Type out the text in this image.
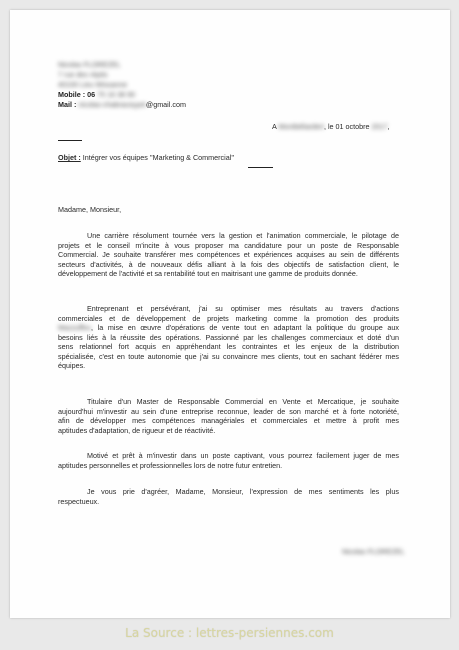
Nicolas FLOREZEL
7 rue des répits
40100 Lieu Wissanne
Mobile : 06 75 16 38 90
Mail : nicolas-chabraceyyet@gmail.com
A Montbéliarderi, le 01 octobre 2017,
Objet : Intégrer vos équipes ''Marketing & Commercial''
Madame, Monsieur,
Une carrière résolument tournée vers la gestion et l'animation commerciale, le pilotage de
projets et le conseil m'incite à vous proposer ma candidature pour un poste de Responsable
Commercial. Je souhaite transférer mes compétences et expériences acquises au sein de différents
secteurs d'activités, à de nouveaux défis alliant à la fois des objectifs de satisfaction client, le
développement de l'activité et sa rentabilité tout en maitrisant une gamme de produits donnée.
Entreprenant et persévérant, j'ai su optimiser mes résultats au travers d'actions
commerciales et de développement de projets marketing comme la promotion des produits
Mazzuffeu, la mise en œuvre d'opérations de vente tout en adaptant la politique du groupe aux
besoins liés à la réussite des opérations. Passionné par les challenges commerciaux et doté d'un
sens relationnel fort acquis en appréhendant les contraintes et les enjeux de la distribution
spécialisée, c'est en toute autonomie que j'ai su convaincre mes clients, tout en sachant fédérer mes
équipes.
Titulaire d'un Master de Responsable Commercial en Vente et Mercatique, je souhaite
aujourd'hui m'investir au sein d'une entreprise reconnue, leader de son marché et à forte notoriété,
afin de développer mes compétences managériales et commerciales et mettre à profit mes
aptitudes d'adaptation, de rigueur et de réactivité.
Motivé et prêt à m'investir dans un poste captivant, vous pourrez facilement juger de mes
aptitudes personnelles et professionnelles lors de notre futur entretien.
Je vous prie d'agréer, Madame, Monsieur, l'expression de mes sentiments les plus
respectueux.
Nicolas FLOREZEL
La Source : lettres-persiennes.com
